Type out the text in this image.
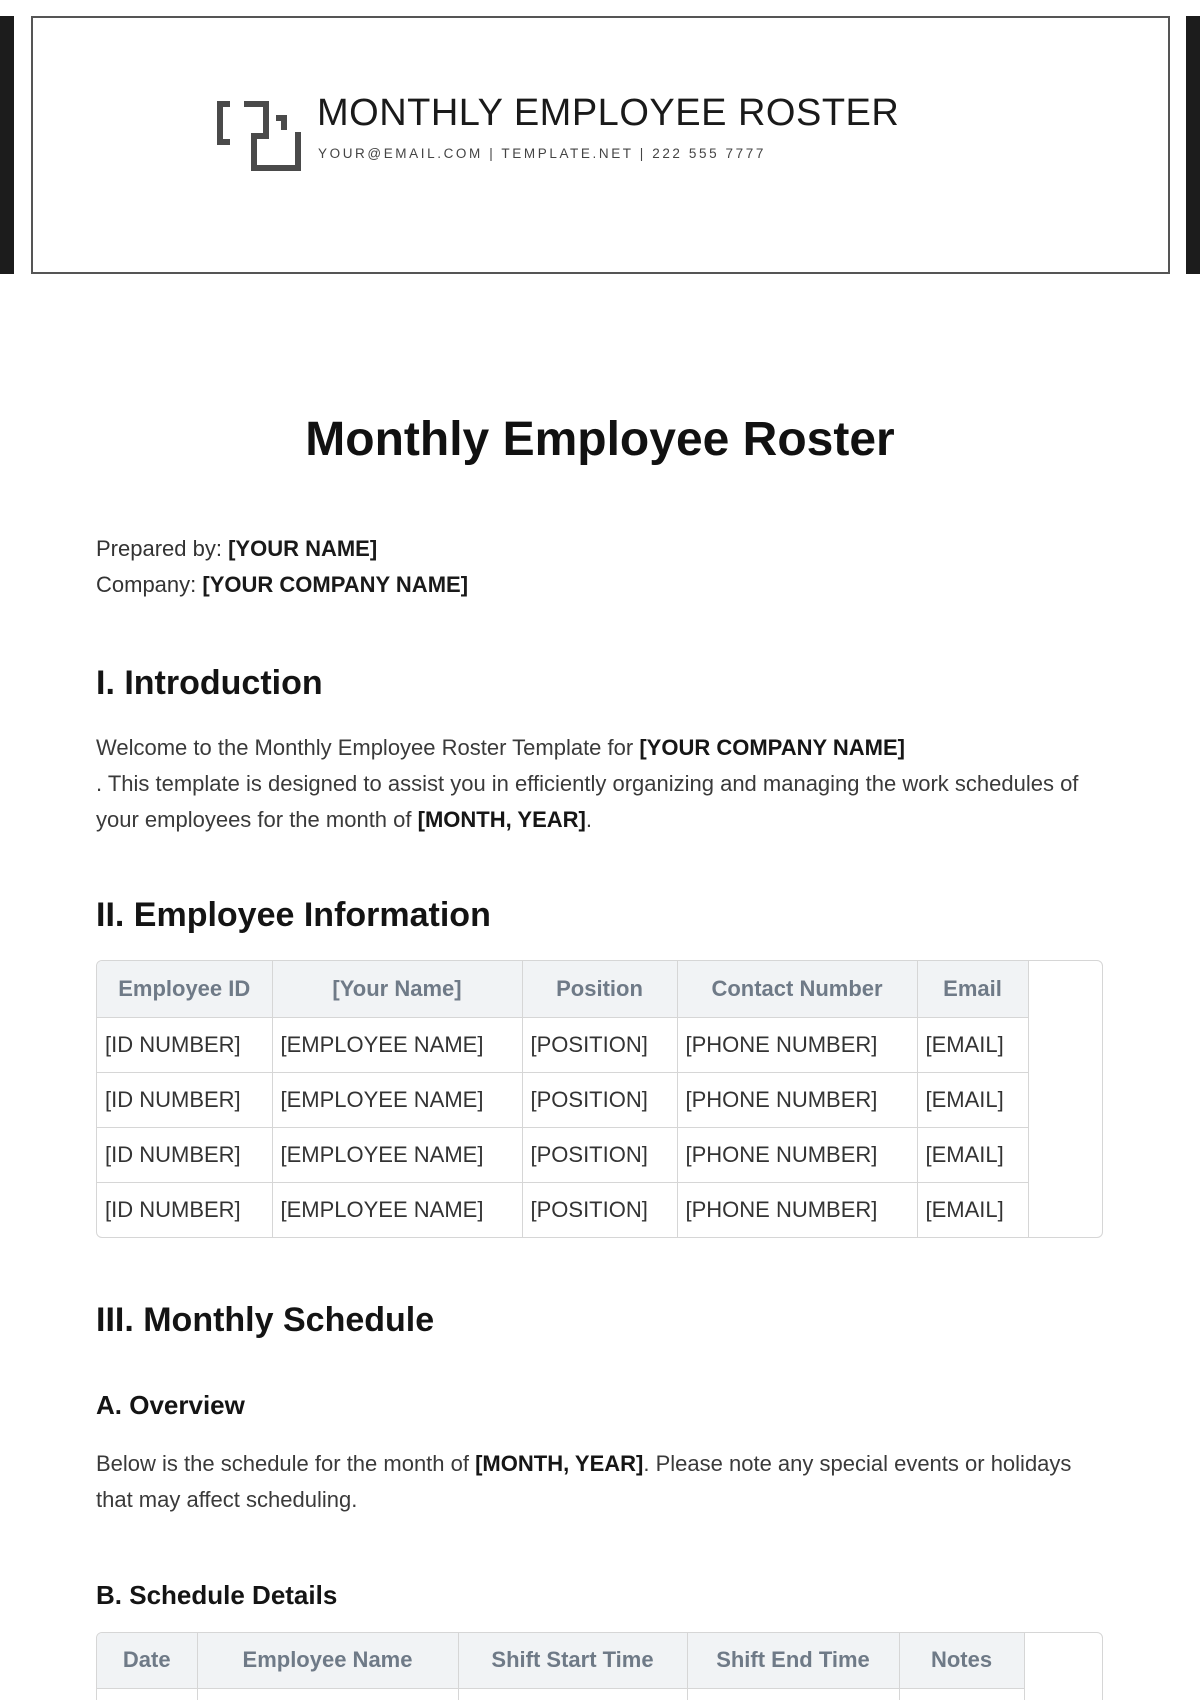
MONTHLY EMPLOYEE ROSTER
YOUR@EMAIL.COM | TEMPLATE.NET | 222 555 7777
Monthly Employee Roster
Prepared by: [YOUR NAME]
Company: [YOUR COMPANY NAME]
I. Introduction

Welcome to the Monthly Employee Roster Template for [YOUR COMPANY NAME]
. This template is designed to assist you in efficiently organizing and managing the work schedules of your employees for the month of [MONTH, YEAR].

II. Employee Information
Employee ID	[Your Name]	Position	Contact Number	Email
[ID NUMBER]	[EMPLOYEE NAME]	[POSITION]	[PHONE NUMBER]	[EMAIL]
[ID NUMBER]	[EMPLOYEE NAME]	[POSITION]	[PHONE NUMBER]	[EMAIL]
[ID NUMBER]	[EMPLOYEE NAME]	[POSITION]	[PHONE NUMBER]	[EMAIL]
[ID NUMBER]	[EMPLOYEE NAME]	[POSITION]	[PHONE NUMBER]	[EMAIL]
III. Monthly Schedule
A. Overview

Below is the schedule for the month of [MONTH, YEAR]. Please note any special events or holidays that may affect scheduling.

B. Schedule Details
Date	Employee Name	Shift Start Time	Shift End Time	Notes
